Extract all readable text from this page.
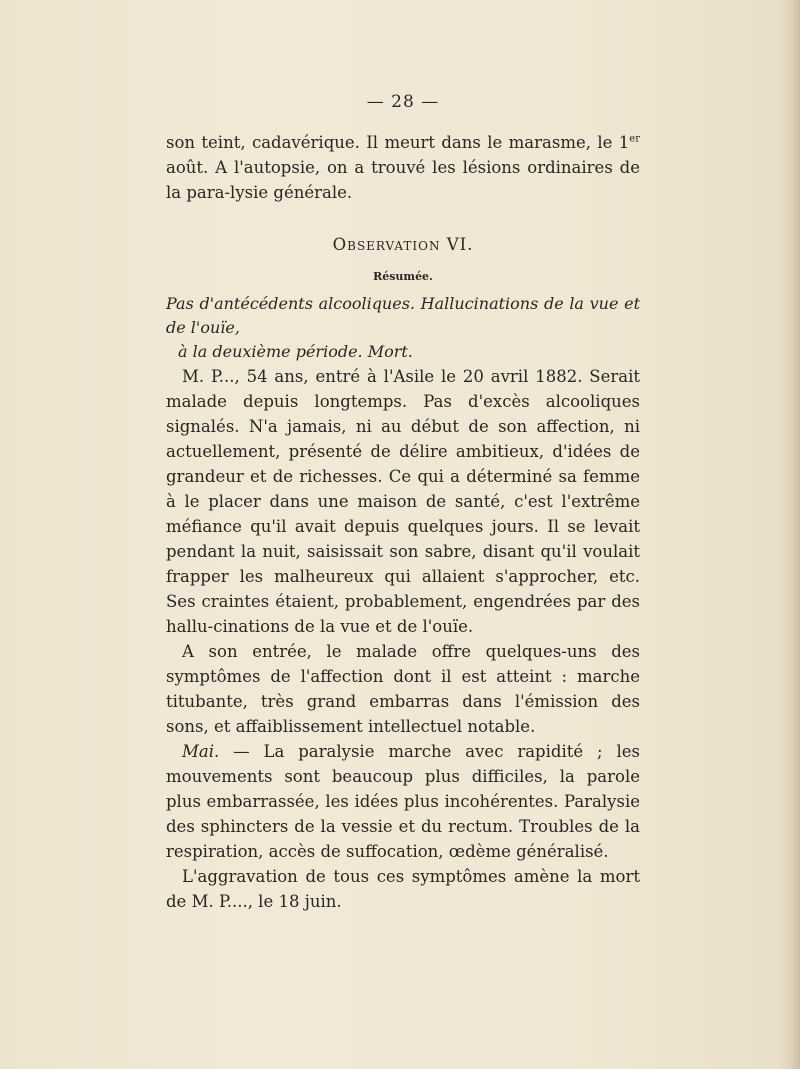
— 28 —

son teint, cadavérique. Il meurt dans le marasme, le 1er août. A l'autopsie, on a trouvé les lésions ordinaires de la para-lysie générale.

Observation VI.
Résumée.

Pas d'antécédents alcooliques. Hallucinations de la vue et de l'ouïe,
à la deuxième période. Mort.

M. P..., 54 ans, entré à l'Asile le 20 avril 1882. Serait malade depuis longtemps. Pas d'excès alcooliques signalés. N'a jamais, ni au début de son affection, ni actuellement, présenté de délire ambitieux, d'idées de grandeur et de richesses. Ce qui a déterminé sa femme à le placer dans une maison de santé, c'est l'extrême méfiance qu'il avait depuis quelques jours. Il se levait pendant la nuit, saisissait son sabre, disant qu'il voulait frapper les malheureux qui allaient s'approcher, etc. Ses craintes étaient, probablement, engendrées par des hallu-cinations de la vue et de l'ouïe.

A son entrée, le malade offre quelques-uns des symptômes de l'affection dont il est atteint : marche titubante, très grand embarras dans l'émission des sons, et affaiblissement intellectuel notable.

Mai. — La paralysie marche avec rapidité ; les mouvements sont beaucoup plus difficiles, la parole plus embarrassée, les idées plus incohérentes. Paralysie des sphincters de la vessie et du rectum. Troubles de la respiration, accès de suffocation, œdème généralisé.

L'aggravation de tous ces symptômes amène la mort de M. P...., le 18 juin.
